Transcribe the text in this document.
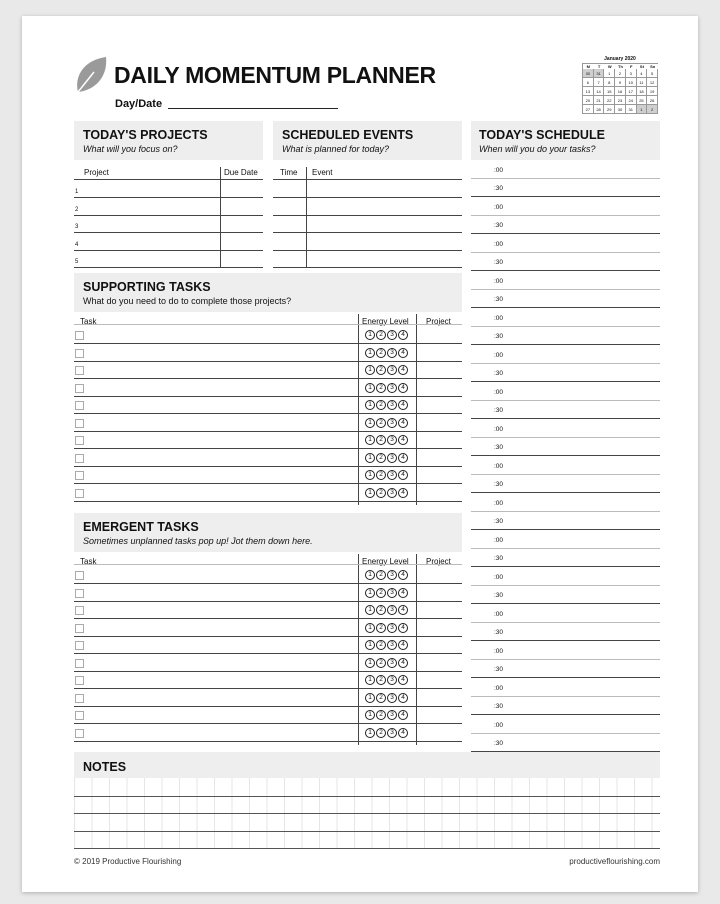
DAILY MOMENTUM PLANNER
Day/Date
January 2020
M	T	W	Th	F	St	Sn
30	31	1	2	3	4	5
6	7	8	9	10	11	12
13	14	15	16	17	18	19
20	21	22	23	24	25	26
27	28	29	30	31	1	2
TODAY'S PROJECTS
What will you focus on?
SCHEDULED EVENTS
What is planned for today?
TODAY'S SCHEDULE
When will you do your tasks?
Project	Due Date
1
2
3
4
5
Time Event
SUPPORTING TASKS
What do you need to do to complete those projects?
Task	Energy Level Project
1	2	3	4
1	2	3	4
1	2	3	4
1	2	3	4
1	2	3	4
1	2	3	4
1	2	3	4
1	2	3	4
1	2	3	4
1	2	3	4
EMERGENT TASKS
Sometimes unplanned tasks pop up! Jot them down here.
Task	Energy Level Project
1	2	3	4
1	2	3	4
1	2	3	4
1	2	3	4
1	2	3	4
1	2	3	4
1	2	3	4
1	2	3	4
1	2	3	4
1	2	3	4
:00
:30
:00
:30
:00
:30
:00
:30
:00
:30
:00
:30
:00
:30
:00
:30
:00
:30
:00
:30
:00
:30
:00
:30
:00
:30
:00
:30
:00
:30
:00
:30
NOTES
© 2019 Productive Flourishing	productiveflourishing.com
